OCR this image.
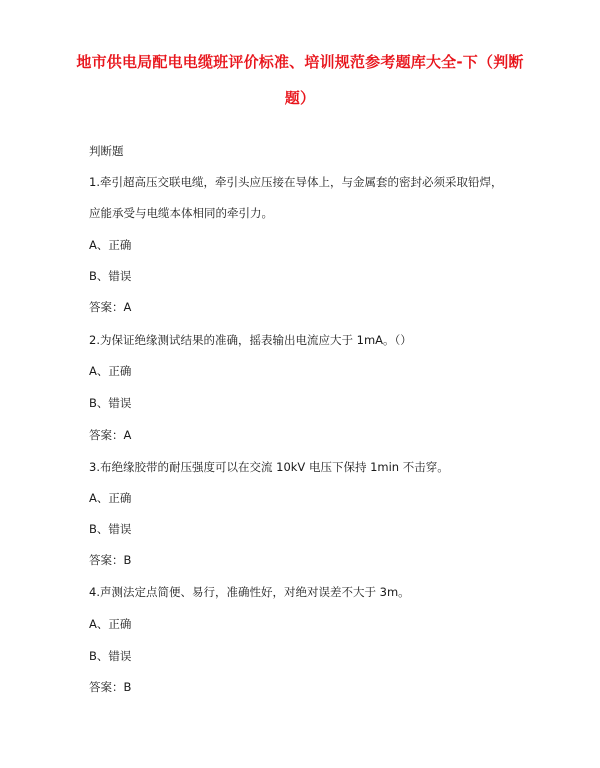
地市供电局配电电缆班评价标准、培训规范参考题库大全-下（判断题）
判断题
1.牵引超高压交联电缆，牵引头应压接在导体上，与金属套的密封必须采取铅焊，
应能承受与电缆本体相同的牵引力。
A、正确
B、错误
答案：A
2.为保证绝缘测试结果的准确，摇表输出电流应大于 1mA。（）
A、正确
B、错误
答案：A
3.布绝缘胶带的耐压强度可以在交流 10kV 电压下保持 1min 不击穿。
A、正确
B、错误
答案：B
4.声测法定点简便、易行，准确性好，对绝对误差不大于 3m。
A、正确
B、错误
答案：B
